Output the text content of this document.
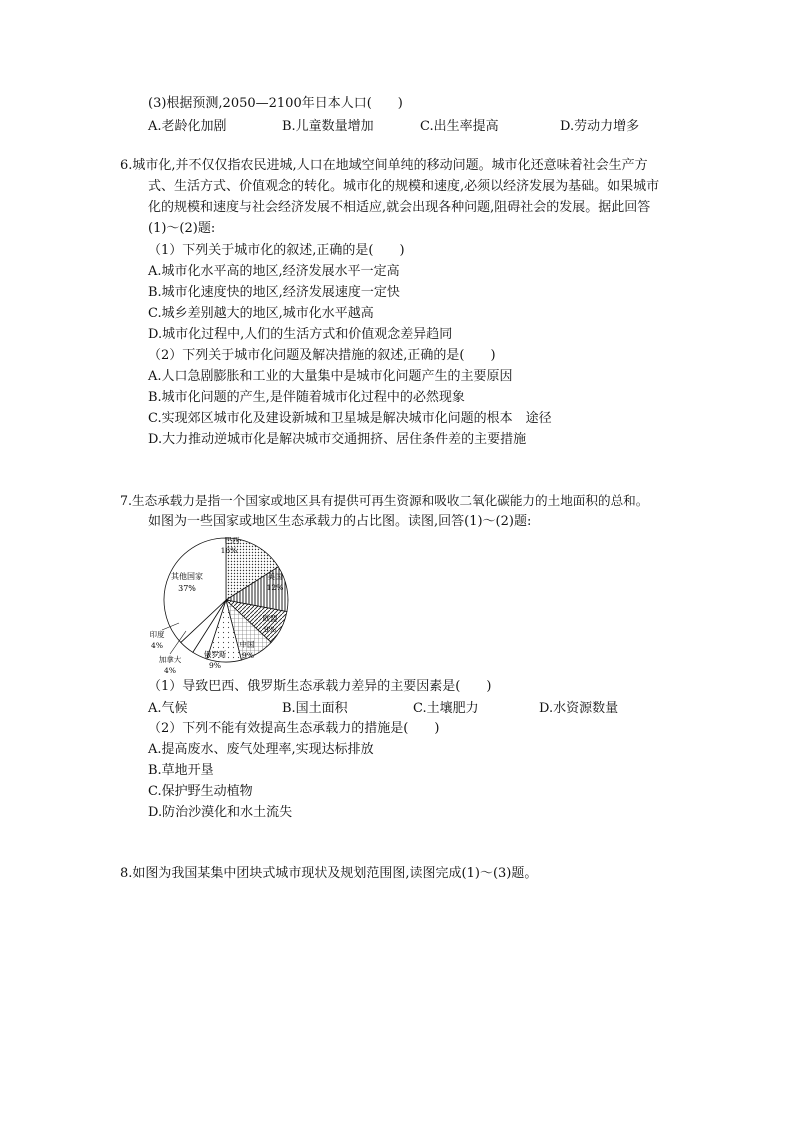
(3)根据预测,2050—2100年日本人口(　　)
A.老龄化加剧	B.儿童数量增加	C.出生率提高	D.劳动力增多
6.城市化,并不仅仅指农民进城,人口在地域空间单纯的移动问题。城市化还意味着社会生产方
式、生活方式、价值观念的转化。城市化的规模和速度,必须以经济发展为基础。如果城市
化的规模和速度与社会经济发展不相适应,就会出现各种问题,阻碍社会的发展。据此回答
(1)～(2)题:
（1）下列关于城市化的叙述,正确的是(　　)
A.城市化水平高的地区,经济发展水平一定高
B.城市化速度快的地区,经济发展速度一定快
C.城乡差别越大的地区,城市化水平越高
D.城市化过程中,人们的生活方式和价值观念差异趋同
（2）下列关于城市化问题及解决措施的叙述,正确的是(　　)
A.人口急剧膨胀和工业的大量集中是城市化问题产生的主要原因
B.城市化问题的产生,是伴随着城市化过程中的必然现象
C.实现郊区城市化及建设新城和卫星城是解决城市化问题的根本　途径
D.大力推动逆城市化是解决城市交通拥挤、居住条件差的主要措施
7.生态承载力是指一个国家或地区具有提供可再生资源和吸收二氧化碳能力的土地面积的总和。
如图为一些国家或地区生态承载力的占比图。读图,回答(1)～(2)题:
巴西
16%
美国
12%
欧盟
9%
中国
9%
俄罗斯
9%
加拿大
4%
印度
4%
其他国家
37%
（1）导致巴西、俄罗斯生态承载力差异的主要因素是(　　)
A.气候	B.国土面积	C.土壤肥力	D.水资源数量
（2）下列不能有效提高生态承载力的措施是(　　)
A.提高废水、废气处理率,实现达标排放
B.草地开垦
C.保护野生动植物
D.防治沙漠化和水土流失
8.如图为我国某集中团块式城市现状及规划范围图,读图完成(1)～(3)题。
